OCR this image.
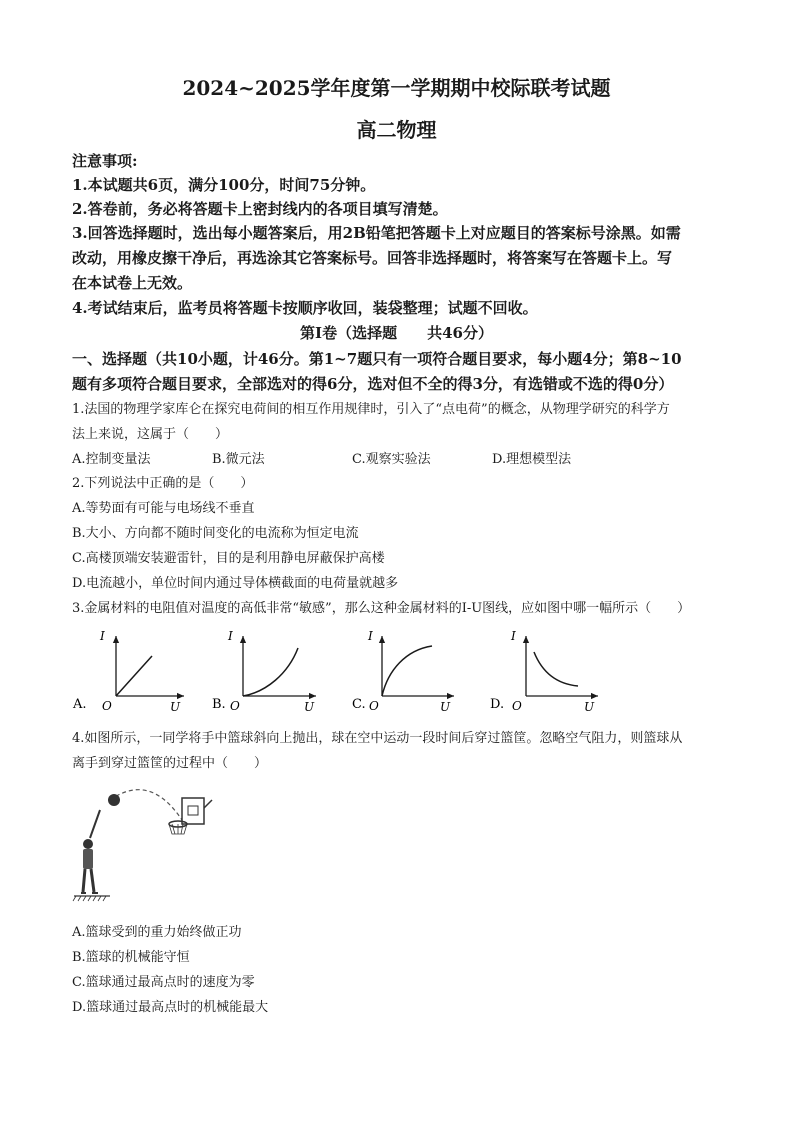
2024~2025学年度第一学期期中校际联考试题
高二物理
注意事项:
1.本试题共6页，满分100分，时间75分钟。
2.答卷前，务必将答题卡上密封线内的各项目填写清楚。
3.回答选择题时，选出每小题答案后，用2B铅笔把答题卡上对应题目的答案标号涂黑。如需
改动，用橡皮擦干净后，再选涂其它答案标号。回答非选择题时，将答案写在答题卡上。写
在本试卷上无效。
4.考试结束后，监考员将答题卡按顺序收回，装袋整理；试题不回收。
第Ⅰ卷（选择题　　共46分）
一、选择题（共10小题，计46分。第1~7题只有一项符合题目要求，每小题4分；第8~10
题有多项符合题目要求，全部选对的得6分，选对但不全的得3分，有选错或不选的得0分）
1.法国的物理学家库仑在探究电荷间的相互作用规律时，引入了“点电荷”的概念，从物理学研究的科学方
法上来说，这属于（　　）
A.控制变量法	B.微元法	C.观察实验法	D.理想模型法
2.下列说法中正确的是（　　）
A.等势面有可能与电场线不垂直
B.大小、方向都不随时间变化的电流称为恒定电流
C.高楼顶端安装避雷针，目的是利用静电屏蔽保护高楼
D.电流越小，单位时间内通过导体横截面的电荷量就越多
3.金属材料的电阻值对温度的高低非常“敏感”，那么这种金属材料的I-U图线，应如图中哪一幅所示（　　）
A.
I
U
O	B.
I
U
O	C.
I
U
O	D.
I
U
O
4.如图所示，一同学将手中篮球斜向上抛出，球在空中运动一段时间后穿过篮筐。忽略空气阻力，则篮球从
离手到穿过篮筐的过程中（　　）
A.篮球受到的重力始终做正功
B.篮球的机械能守恒
C.篮球通过最高点时的速度为零
D.篮球通过最高点时的机械能最大
